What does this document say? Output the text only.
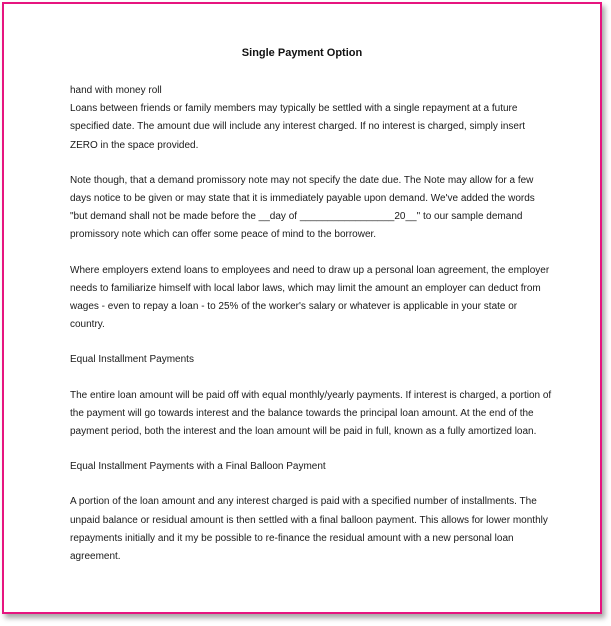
Single Payment Option

hand with money roll

Loans between friends or family members may typically be settled with a single repayment at a future specified date. The amount due will include any interest charged. If no interest is charged, simply insert ZERO in the space provided.

Note though, that a demand promissory note may not specify the date due. The Note may allow for a few days notice to be given or may state that it is immediately payable upon demand. We've added the words "but demand shall not be made before the __day of _________________20__" to our sample demand promissory note which can offer some peace of mind to the borrower.

Where employers extend loans to employees and need to draw up a personal loan agreement, the employer needs to familiarize himself with local labor laws, which may limit the amount an employer can deduct from wages - even to repay a loan - to 25% of the worker's salary or whatever is applicable in your state or country.

Equal Installment Payments

The entire loan amount will be paid off with equal monthly/yearly payments. If interest is charged, a portion of the payment will go towards interest and the balance towards the principal loan amount. At the end of the payment period, both the interest and the loan amount will be paid in full, known as a fully amortized loan.

Equal Installment Payments with a Final Balloon Payment

A portion of the loan amount and any interest charged is paid with a specified number of installments. The unpaid balance or residual amount is then settled with a final balloon payment. This allows for lower monthly repayments initially and it my be possible to re-finance the residual amount with a new personal loan agreement.
